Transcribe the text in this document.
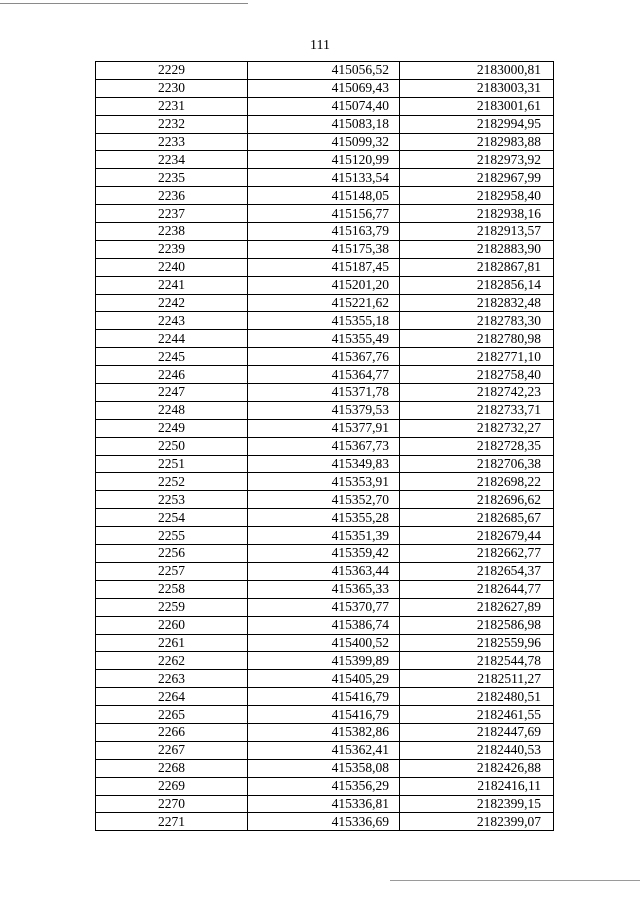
111
2229	415056,52	2183000,81
2230	415069,43	2183003,31
2231	415074,40	2183001,61
2232	415083,18	2182994,95
2233	415099,32	2182983,88
2234	415120,99	2182973,92
2235	415133,54	2182967,99
2236	415148,05	2182958,40
2237	415156,77	2182938,16
2238	415163,79	2182913,57
2239	415175,38	2182883,90
2240	415187,45	2182867,81
2241	415201,20	2182856,14
2242	415221,62	2182832,48
2243	415355,18	2182783,30
2244	415355,49	2182780,98
2245	415367,76	2182771,10
2246	415364,77	2182758,40
2247	415371,78	2182742,23
2248	415379,53	2182733,71
2249	415377,91	2182732,27
2250	415367,73	2182728,35
2251	415349,83	2182706,38
2252	415353,91	2182698,22
2253	415352,70	2182696,62
2254	415355,28	2182685,67
2255	415351,39	2182679,44
2256	415359,42	2182662,77
2257	415363,44	2182654,37
2258	415365,33	2182644,77
2259	415370,77	2182627,89
2260	415386,74	2182586,98
2261	415400,52	2182559,96
2262	415399,89	2182544,78
2263	415405,29	2182511,27
2264	415416,79	2182480,51
2265	415416,79	2182461,55
2266	415382,86	2182447,69
2267	415362,41	2182440,53
2268	415358,08	2182426,88
2269	415356,29	2182416,11
2270	415336,81	2182399,15
2271	415336,69	2182399,07
